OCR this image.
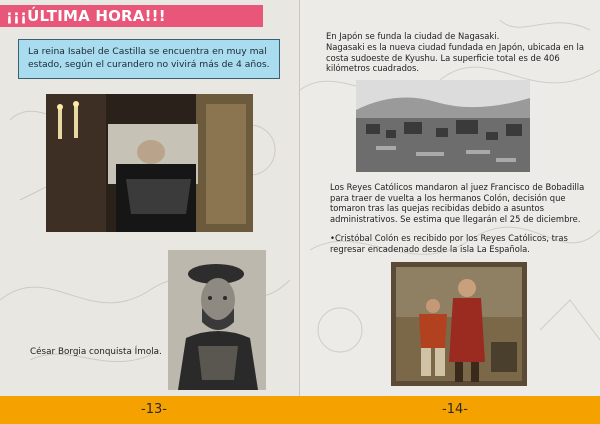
¡¡¡ÚLTIMA HORA!!!
La reina Isabel de Castilla se encuentra en muy mal estado, según el curandero no vivirá más de 4 años.
César Borgia conquista Ímola.
En Japón se funda la ciudad de Nagasaki.
Nagasaki es la nueva ciudad fundada en Japón, ubicada en la costa sudoeste de Kyushu. La superficie total es de 406 kilómetros cuadrados.
Los Reyes Católicos mandaron al juez Francisco de Bobadilla para traer de vuelta a los hermanos Colón, decisión que tomaron tras las quejas recibidas debido a asuntos administrativos. Se estima que llegarán el 25 de diciembre.
•Cristóbal Colón es recibido por los Reyes Católicos, tras regresar encadenado desde la isla La Española.
-13-	-14-
